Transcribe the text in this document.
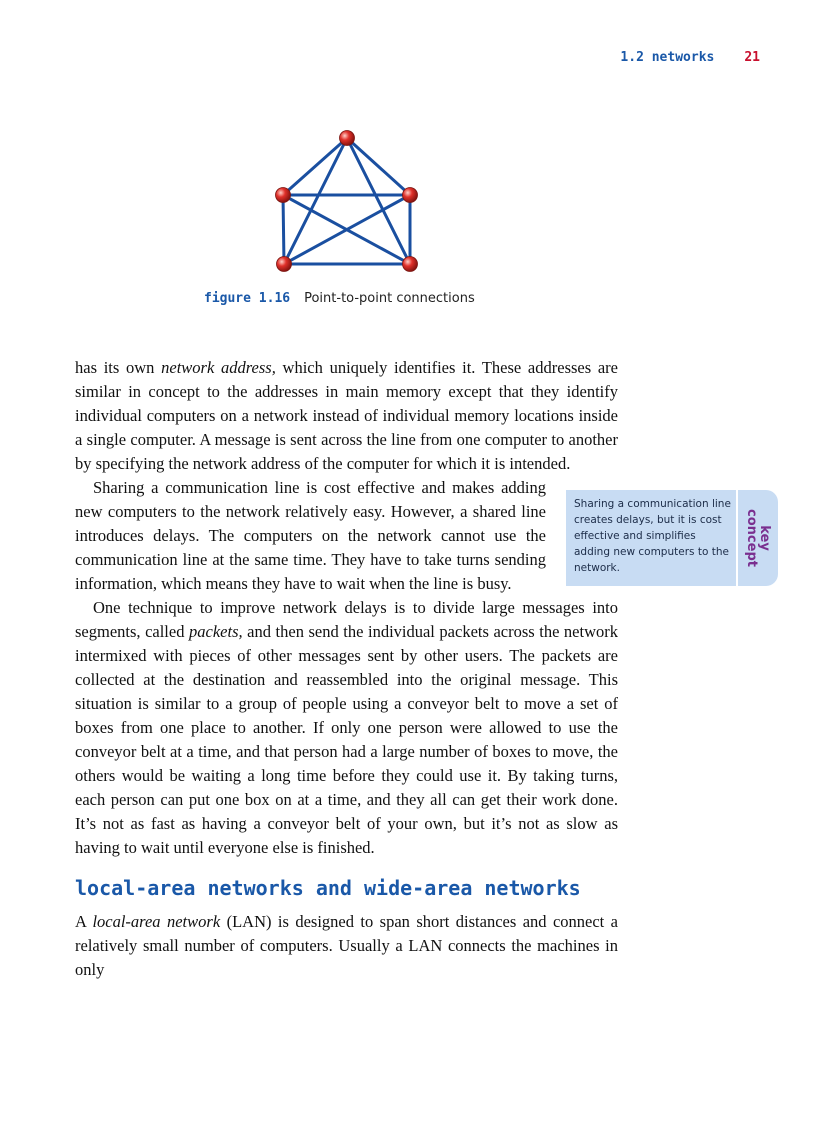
1.2 networks 21
figure 1.16 Point-to-point connections

has its own network address, which uniquely identifies it. These addresses are similar in concept to the addresses in main memory except that they identify individual computers on a network instead of individual memory locations inside a single computer. A message is sent across the line from one computer to another by specifying the network address of the computer for which it is intended.

Sharing a communication line is cost effective and makes adding new computers to the network relatively easy. However, a shared line introduces delays. The computers on the network cannot use the communication line at the same time. They have to take turns sending information, which means they have to wait when the line is busy.

Sharing a communication line creates delays, but it is cost effective and simplifies adding new computers to the network.
key
concept

One technique to improve network delays is to divide large messages into segments, called packets, and then send the individual packets across the network intermixed with pieces of other messages sent by other users. The packets are collected at the destination and reassembled into the original message. This situation is similar to a group of people using a conveyor belt to move a set of boxes from one place to another. If only one person were allowed to use the conveyor belt at a time, and that person had a large number of boxes to move, the others would be waiting a long time before they could use it. By taking turns, each person can put one box on at a time, and they all can get their work done. It’s not as fast as having a conveyor belt of your own, but it’s not as slow as having to wait until everyone else is finished.

local-area networks and wide-area networks

A local-area network (LAN) is designed to span short distances and connect a relatively small number of computers. Usually a LAN connects the machines in only
